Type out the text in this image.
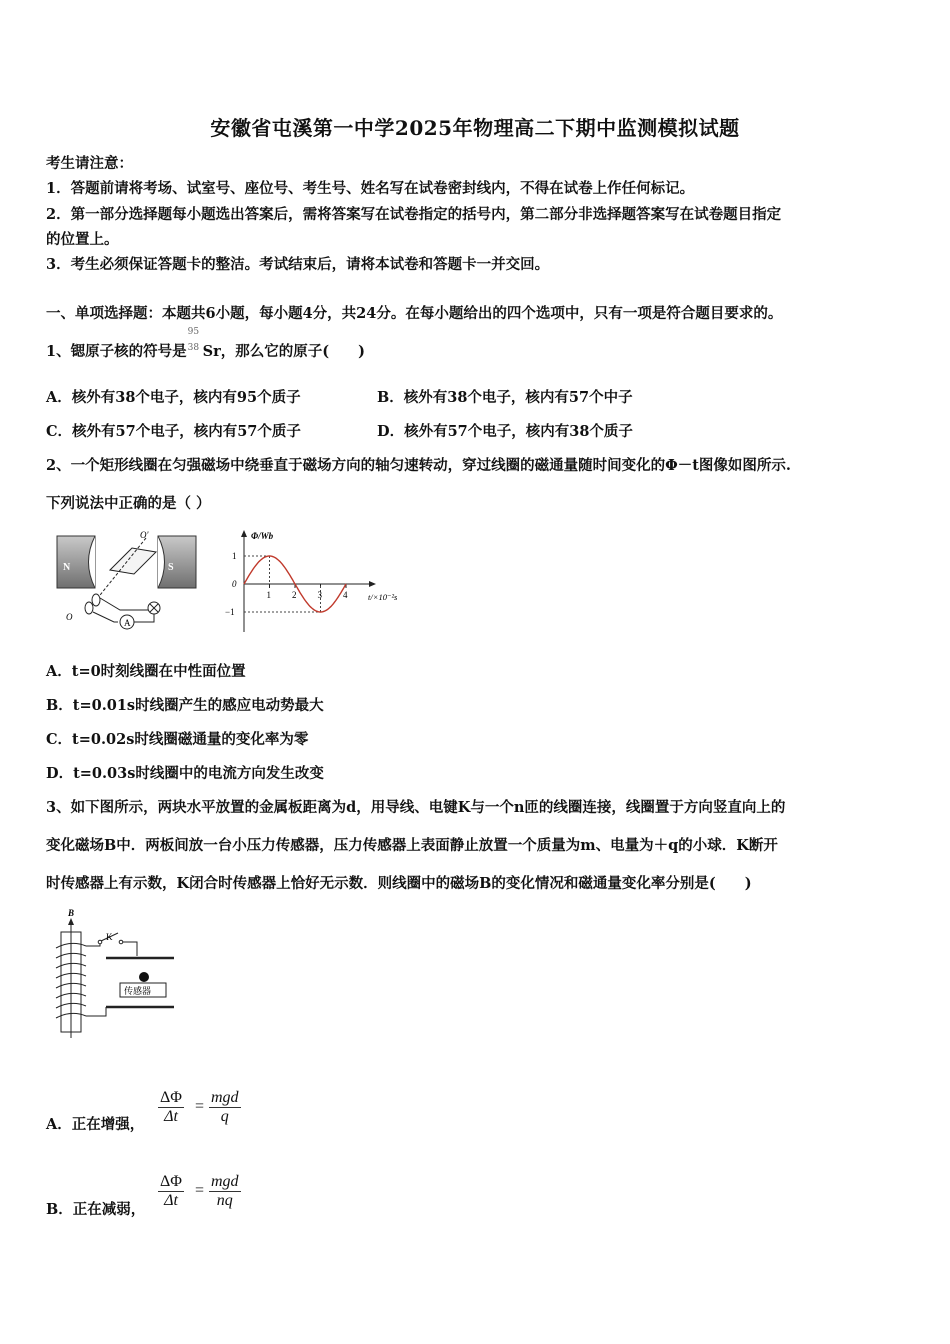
安徽省屯溪第一中学2025年物理高二下期中监测模拟试题
考生请注意：
1．答题前请将考场、试室号、座位号、考生号、姓名写在试卷密封线内，不得在试卷上作任何标记。
2．第一部分选择题每小题选出答案后，需将答案写在试卷指定的括号内，第二部分非选择题答案写在试卷题目指定
的位置上。
3．考生必须保证答题卡的整洁。考试结束后，请将本试卷和答题卡一并交回。
一、单项选择题：本题共6小题，每小题4分，共24分。在每小题给出的四个选项中，只有一项是符合题目要求的。
1、锶原子核的符号是
95
38 Sr，那么它的原子(　　)
A．核外有38个电子，核内有95个质子	B．核外有38个电子，核内有57个中子
C．核外有57个电子，核内有57个质子	D．核外有57个电子，核内有38个质子
2、一个矩形线圈在匀强磁场中绕垂直于磁场方向的轴匀速转动，穿过线圈的磁通量随时间变化的Φ－t图像如图所示.
下列说法中正确的是（ ）
N	S
O'
O
A
Φ/Wb
t/×10⁻²s
1 2 3 4
1
0
−1
A．t=0时刻线圈在中性面位置
B．t=0.01s时线圈产生的感应电动势最大
C．t=0.02s时线圈磁通量的变化率为零
D．t=0.03s时线圈中的电流方向发生改变
3、如下图所示，两块水平放置的金属板距离为d，用导线、电键K与一个n匝的线圈连接，线圈置于方向竖直向上的
变化磁场B中．两板间放一台小压力传感器，压力传感器上表面静止放置一个质量为m、电量为＋q的小球．K断开
时传感器上有示数，K闭合时传感器上恰好无示数．则线圈中的磁场B的变化情况和磁通量变化率分别是(　　)
B
K
传感器
A．正在增强， $\frac{\Delta\Phi}{\Delta t}$ =
mgd
q
B．正在减弱， $\frac{\Delta\Phi}{\Delta t}$ =
mgd
nq
